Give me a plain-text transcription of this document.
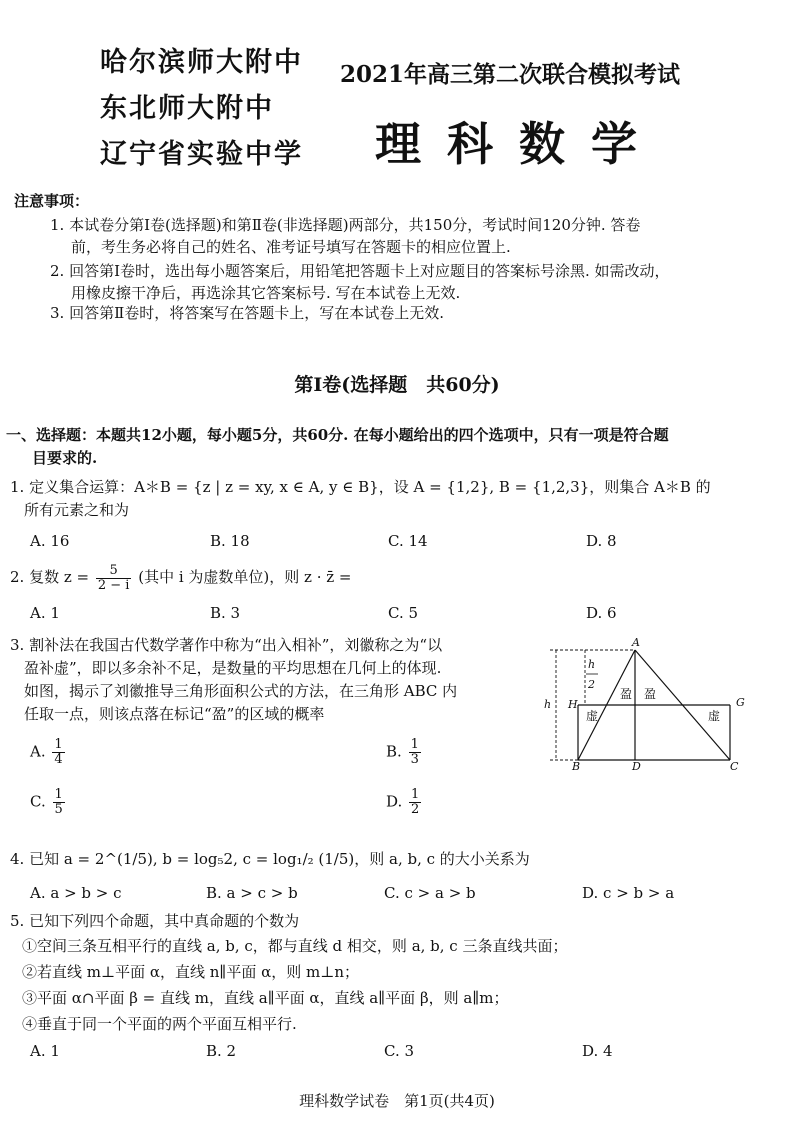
哈尔滨师大附中
东北师大附中
辽宁省实验中学
2021年高三第二次联合模拟考试
理科数学
注意事项：
1. 本试卷分第Ⅰ卷(选择题)和第Ⅱ卷(非选择题)两部分，共150分，考试时间120分钟. 答卷
前，考生务必将自己的姓名、准考证号填写在答题卡的相应位置上.
2. 回答第Ⅰ卷时，选出每小题答案后，用铅笔把答题卡上对应题目的答案标号涂黑. 如需改动，
用橡皮擦干净后，再选涂其它答案标号. 写在本试卷上无效.
3. 回答第Ⅱ卷时，将答案写在答题卡上，写在本试卷上无效.
第Ⅰ卷(选择题　共60分)
一、选择题：本题共12小题，每小题5分，共60分. 在每小题给出的四个选项中，只有一项是符合题
目要求的.
1. 定义集合运算：A＊B = {z | z = xy, x ∈ A, y ∈ B}，设 A = {1,2}, B = {1,2,3}，则集合 A＊B 的
所有元素之和为
A. 16	B. 18	C. 14	D. 8
2. 复数 $z = \frac{5}{2 - i}$ (其中 i 为虚数单位)，则 z · z̄ =
A. 1	B. 3	C. 5	D. 6
3. 割补法在我国古代数学著作中称为“出入相补”，刘徽称之为“以
盈补虚”，即以多余补不足，是数量的平均思想在几何上的体现.
如图，揭示了刘徽推导三角形面积公式的方法，在三角形 ABC 内
任取一点，则该点落在标记“盈”的区域的概率
A. $\frac{1}{4}$	B. $\frac{1}{3}$
C. $\frac{1}{5}$	D. $\frac{1}{2}$
A
B	C
D
G
H
h
h
2
盈 盈
虚	虚
4. 已知 a = 2^(1/5), b = log₅2, c = log₁/₂ (1/5)，则 a, b, c 的大小关系为
A. a > b > c	B. a > c > b	C. c > a > b	D. c > b > a
5. 已知下列四个命题，其中真命题的个数为
①空间三条互相平行的直线 a, b, c，都与直线 d 相交，则 a, b, c 三条直线共面；
②若直线 m⊥平面 α，直线 n∥平面 α，则 m⊥n；
③平面 α∩平面 β = 直线 m，直线 a∥平面 α，直线 a∥平面 β，则 a∥m；
④垂直于同一个平面的两个平面互相平行.
A. 1	B. 2	C. 3	D. 4
理科数学试卷　第1页(共4页)
